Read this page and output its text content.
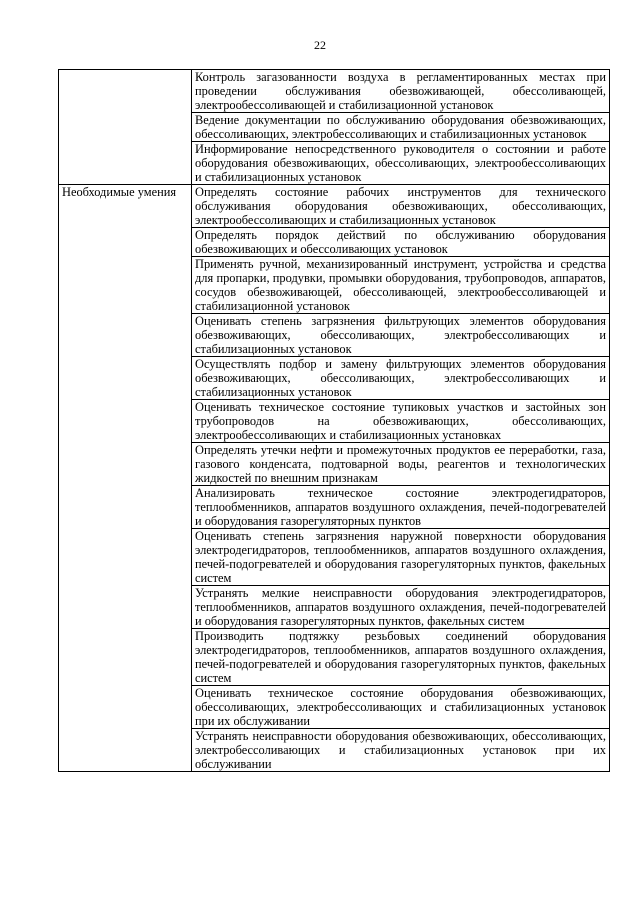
22
	Контроль загазованности воздуха в регламентированных местах при проведении обслуживания обезвоживающей, обессоливающей, электрообессоливающей и стабилизационной установок
	Ведение документации по обслуживанию оборудования обезвоживающих, обессоливающих, электробессоливающих и стабилизационных установок
	Информирование непосредственного руководителя о состоянии и работе оборудования обезвоживающих, обессоливающих, электрообессоливающих и стабилизационных установок
Необходимые умения	Определять состояние рабочих инструментов для технического обслуживания оборудования обезвоживающих, обессоливающих, электрообессоливающих и стабилизационных установок
	Определять порядок действий по обслуживанию оборудования обезвоживающих и обессоливающих установок
	Применять ручной, механизированный инструмент, устройства и средства для пропарки, продувки, промывки оборудования, трубопроводов, аппаратов, сосудов обезвоживающей, обессоливающей, электрообессоливающей и стабилизационной установок
	Оценивать степень загрязнения фильтрующих элементов оборудования обезвоживающих, обессоливающих, электробессоливающих и стабилизационных установок
	Осуществлять подбор и замену фильтрующих элементов оборудования обезвоживающих, обессоливающих, электробессоливающих и стабилизационных установок
	Оценивать техническое состояние тупиковых участков и застойных зон трубопроводов на обезвоживающих, обессоливающих, электрообессоливающих и стабилизационных установках
	Определять утечки нефти и промежуточных продуктов ее переработки, газа, газового конденсата, подтоварной воды, реагентов и технологических жидкостей по внешним признакам
	Анализировать техническое состояние электродегидраторов, теплообменников, аппаратов воздушного охлаждения, печей-подогревателей и оборудования газорегуляторных пунктов
	Оценивать степень загрязнения наружной поверхности оборудования электродегидраторов, теплообменников, аппаратов воздушного охлаждения, печей-подогревателей и оборудования газорегуляторных пунктов, факельных систем
	Устранять мелкие неисправности оборудования электродегидраторов, теплообменников, аппаратов воздушного охлаждения, печей-подогревателей и оборудования газорегуляторных пунктов, факельных систем
	Производить подтяжку резьбовых соединений оборудования электродегидраторов, теплообменников, аппаратов воздушного охлаждения, печей-подогревателей и оборудования газорегуляторных пунктов, факельных систем
	Оценивать техническое состояние оборудования обезвоживающих, обессоливающих, электробессоливающих и стабилизационных установок при их обслуживании
	Устранять неисправности оборудования обезвоживающих, обессоливающих, электробессоливающих и стабилизационных установок при их обслуживании
